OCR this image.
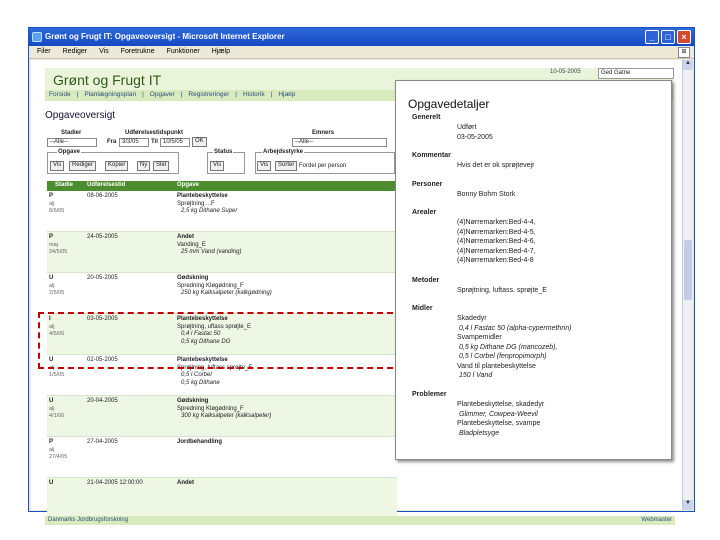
Grønt og Frugt IT: Opgaveoversigt - Microsoft Internet Explorer	_	□	×
Filer Rediger Vis Foretrukne Funktioner Hjælp	⊞
▲
▼
Grønt og Frugt IT	10-05-2005	Ged Gatne
Forside | Planlægningsplan | Opgaver | Registreringer | Historik | Hjælp
Opgaveoversigt
Stadier
--Alle--
Udførelsestidspunkt
Fra 3/3/05	Til 10/5/05	OK
Emners
--Alle--
Opgave
Vis	Rediger	Kopier	Ny	Slet
Status
Vis
Arbejdsstyrke
Vis	Sorter Fordel per person
Stadie Udførelsestid	Opgave
P
alj
8/6/05
08-06-2005	Plantebeskyttelse
Sprøjtning ...F
2,5 kg Dithane Super
P
maj
24/5/05
24-05-2005	Andet
Vanding_E
25 mm Vand (vanding)
U
alj
2/5/05
20-05-2005	Gødskning
Spredning Kløgødning_F
250 kg Kalksalpeter (kalkgødning)
I
alj
4/5/06
03-05-2005	Plantebeskyttelse
Sprøjtning, uftass sprøjte_E
0,4 l Fastac 50
0,5 kg Dithane DG
U
alj
1/5/05
02-05-2005	Plantebeskyttelse
Sprøjtning, luftass sprøjte_E
0,5 l Corbel
0,5 kg Dithane
U
alj
4/1/06
20-04-2005	Gødskning
Spredning Kløgødning_F
300 kg Kalksalpeter (kalksalpeter)
P
alj
27/4/05
27-04-2005	Jordbehandling
U	21-04-2005 12:00:00	Andet
Danmarks Jordbrugsforskning	Webmaster
Opgavedetaljer
Generelt
Udført
03-05-2005
Kommentar
Hvis det er ok sprøjtevejr
Personer
Bonny Bohm Stork
Arealer
(4)Nørremarken:Bed-4-4,
(4)Nørremarken:Bed-4-5,
(4)Nørremarken:Bed-4-6,
(4)Nørremarken:Bed-4-7,
(4)Nørremarken:Bed-4-8
Metoder
Sprøjtning, luftass. sprøjte_E
Midler
Skadedyr
0,4 l Fastac 50 (alpha-cypermethrin)
Svampemidler
0,5 kg Dithane DG (mancozeb),
0,5 l Corbel (fenpropimorph)
Vand til plantebeskyttelse
150 l Vand
Problemer
Plantebeskyttelse, skadedyr
Glimmer, Cowpea-Weevil
Plantebeskyttelse, svampe
Bladpletsyge
